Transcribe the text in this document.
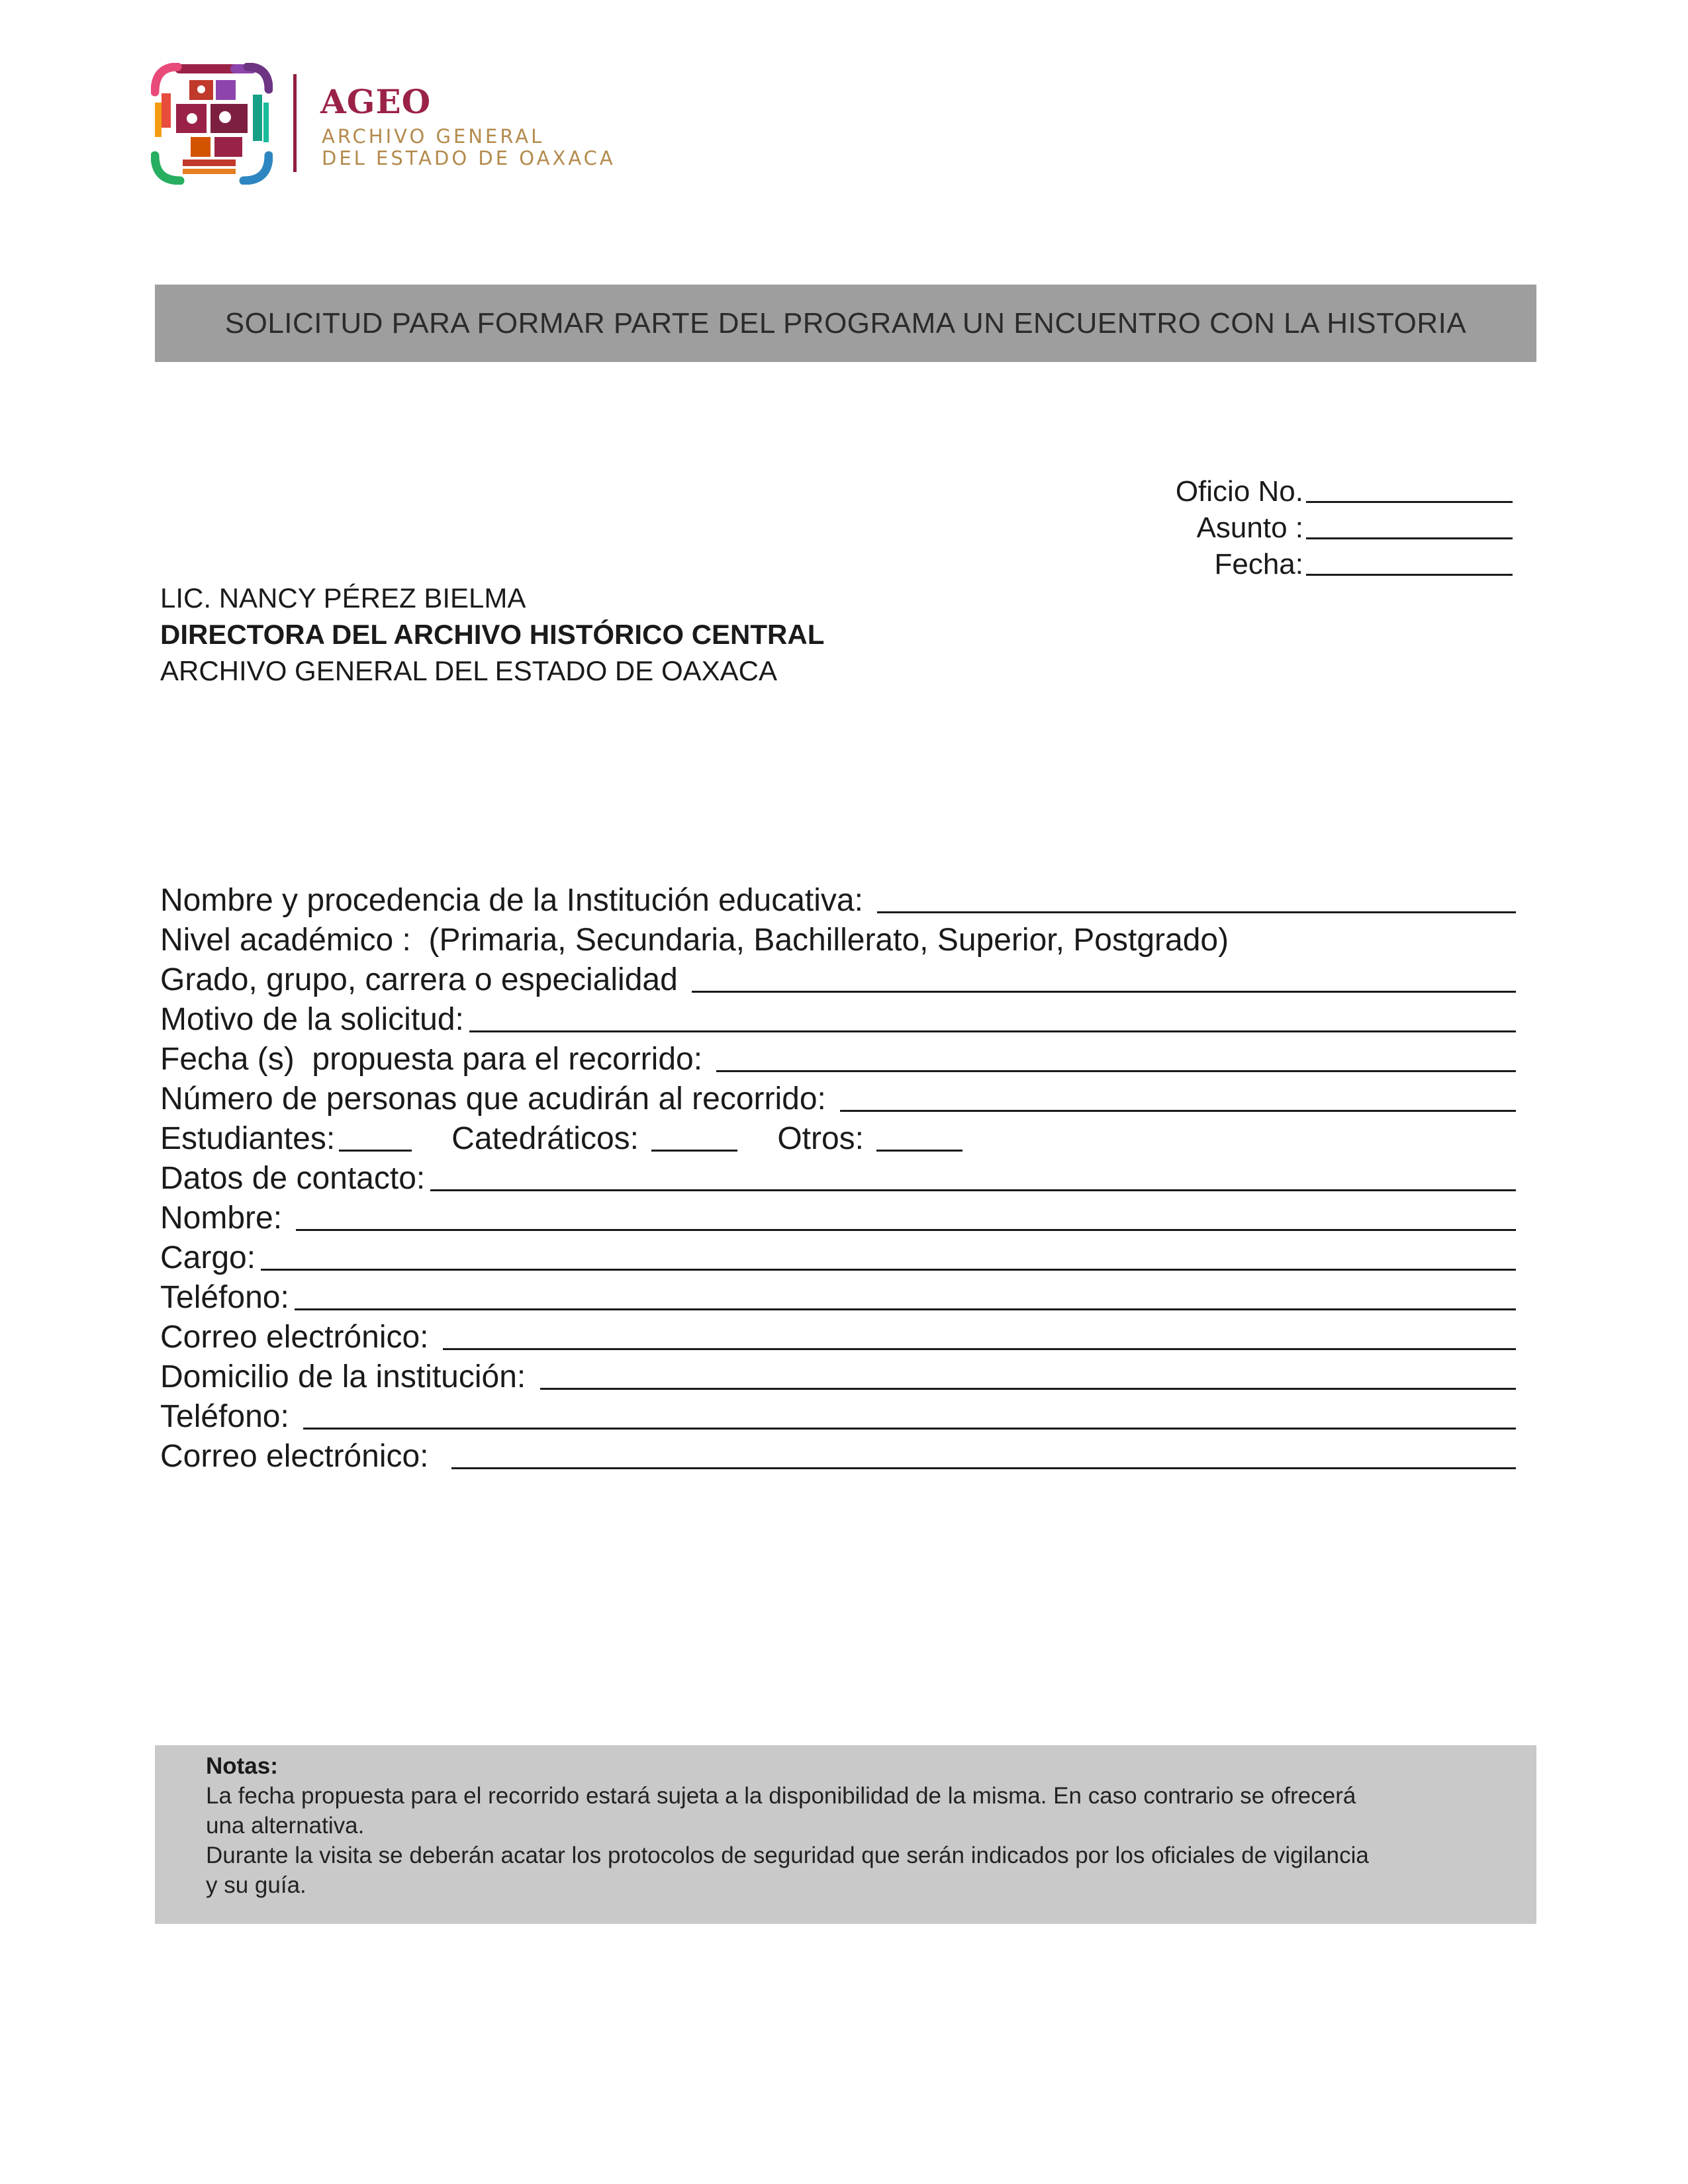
AGEO
ARCHIVO GENERAL
DEL ESTADO DE OAXACA
SOLICITUD PARA FORMAR PARTE DEL PROGRAMA UN ENCUENTRO CON LA HISTORIA
Oficio No.
Asunto :
Fecha:
LIC. NANCY PÉREZ BIELMA
DIRECTORA DEL ARCHIVO HISTÓRICO CENTRAL
ARCHIVO GENERAL DEL ESTADO DE OAXACA
Nombre y procedencia de la Institución educativa:
Nivel académico :  (Primaria, Secundaria, Bachillerato, Superior, Postgrado)
Grado, grupo, carrera o especialidad
Motivo de la solicitud:
Fecha (s)  propuesta para el recorrido:
Número de personas que acudirán al recorrido:
Estudiantes:	Catedráticos:	Otros:
Datos de contacto:
Nombre:
Cargo:
Teléfono:
Correo electrónico:
Domicilio de la institución:
Teléfono:
Correo electrónico:
Notas:
La fecha propuesta para el recorrido estará sujeta a la disponibilidad de la misma. En caso contrario se ofrecerá
una alternativa.
Durante la visita se deberán acatar los protocolos de seguridad que serán indicados por los oficiales de vigilancia
y su guía.
